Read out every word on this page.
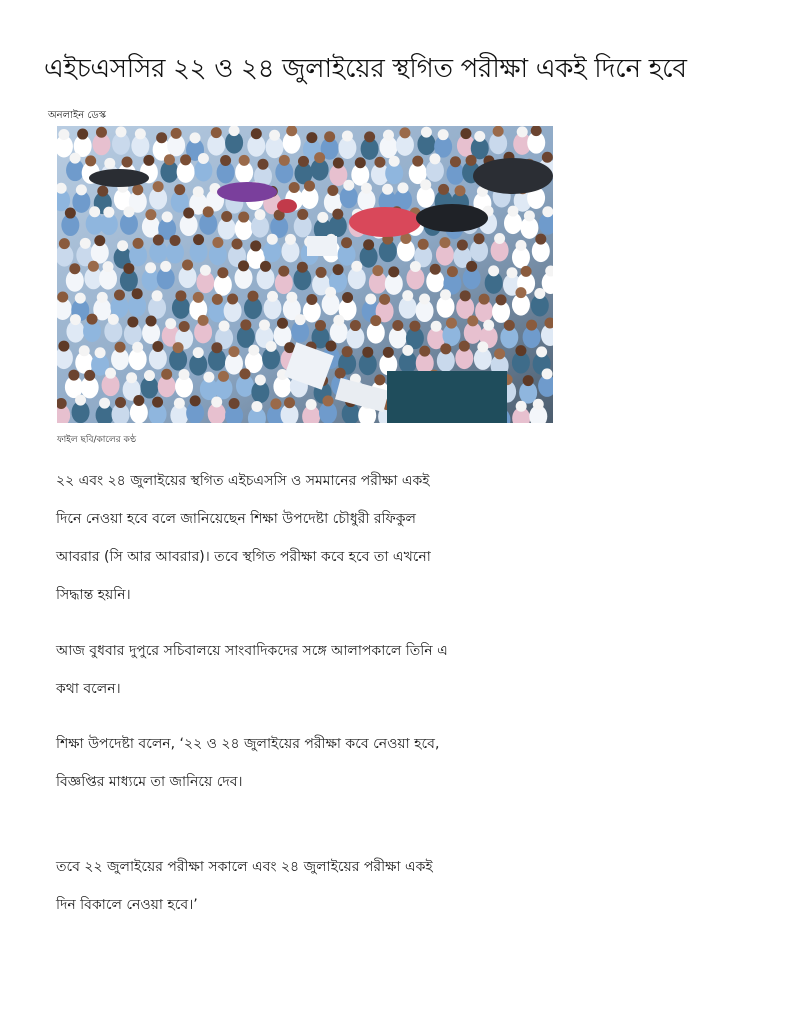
এইচএসসির ২২ ও ২৪ জুলাইয়ের স্থগিত পরীক্ষা একই দিনে হবে
অনলাইন ডেস্ক
ফাইল ছবি/কালের কণ্ঠ

২২ এবং ২৪ জুলাইয়ের স্থগিত এইচএসসি ও সমমানের পরীক্ষা একই দিনে নেওয়া হবে বলে জানিয়েছেন শিক্ষা উপদেষ্টা চৌধুরী রফিকুল আবরার (সি আর আবরার)। তবে স্থগিত পরীক্ষা কবে হবে তা এখনো সিদ্ধান্ত হয়নি।

আজ বুধবার দুপুরে সচিবালয়ে সাংবাদিকদের সঙ্গে আলাপকালে তিনি এ কথা বলেন।

শিক্ষা উপদেষ্টা বলেন, ‘২২ ও ২৪ জুলাইয়ের পরীক্ষা কবে নেওয়া হবে, বিজ্ঞপ্তির মাধ্যমে তা জানিয়ে দেব।

তবে ২২ জুলাইয়ের পরীক্ষা সকালে এবং ২৪ জুলাইয়ের পরীক্ষা একই দিন বিকালে নেওয়া হবে।’
